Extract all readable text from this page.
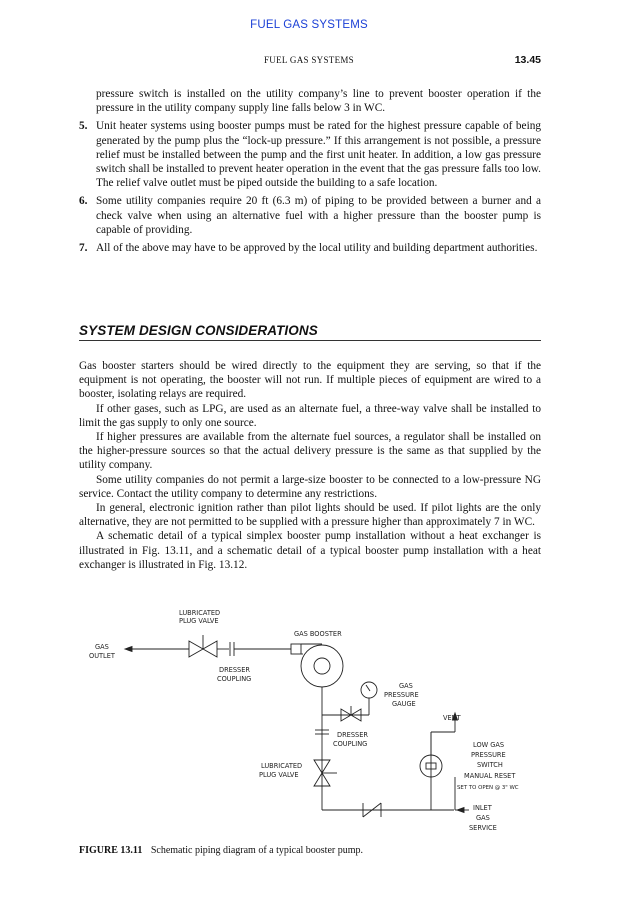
FUEL GAS SYSTEMS
FUEL GAS SYSTEMS	13.45

pressure switch is installed on the utility company’s line to prevent booster operation if the pressure in the utility company supply line falls below 3 in WC.

5. Unit heater systems using booster pumps must be rated for the highest pressure capable of being generated by the pump plus the “lock-up pressure.” If this arrangement is not possible, a pressure relief must be installed between the pump and the first unit heater. In addition, a low gas pressure switch shall be installed to prevent heater operation in the event that the gas pressure falls too low. The relief valve outlet must be piped outside the building to a safe location.
6. Some utility companies require 20 ft (6.3 m) of piping to be provided between a burner and a check valve when using an alternative fuel with a higher pressure than the booster pump is capable of providing.
7. All of the above may have to be approved by the local utility and building department authorities.
SYSTEM DESIGN CONSIDERATIONS

Gas booster starters should be wired directly to the equipment they are serving, so that if the equipment is not operating, the booster will not run. If multiple pieces of equipment are wired to a booster, isolating relays are required.

If other gases, such as LPG, are used as an alternate fuel, a three-way valve shall be installed to limit the gas supply to only one source.

If higher pressures are available from the alternate fuel sources, a regulator shall be installed on the higher-pressure sources so that the actual delivery pressure is the same as that supplied by the utility company.

Some utility companies do not permit a large-size booster to be connected to a low-pressure NG service. Contact the utility company to determine any restrictions.

In general, electronic ignition rather than pilot lights should be used. If pilot lights are the only alternative, they are not permitted to be supplied with a pressure higher than approximately 7 in WC.

A schematic detail of a typical simplex booster pump installation without a heat exchanger is illustrated in Fig. 13.11, and a schematic detail of a typical booster pump installation with a heat exchanger is illustrated in Fig. 13.12.

LUBRICATED
PLUG VALVE
GAS
OUTLET
GAS BOOSTER
DRESSER
COUPLING
GAS
PRESSURE
GAUGE
VENT
DRESSER
COUPLING	LOW GAS
PRESSURE
SWITCH
MANUAL RESET
SET TO OPEN @ 3" WC
LUBRICATED
PLUG VALVE
INLET
GAS
SERVICE
FIGURE 13.11 Schematic piping diagram of a typical booster pump.
